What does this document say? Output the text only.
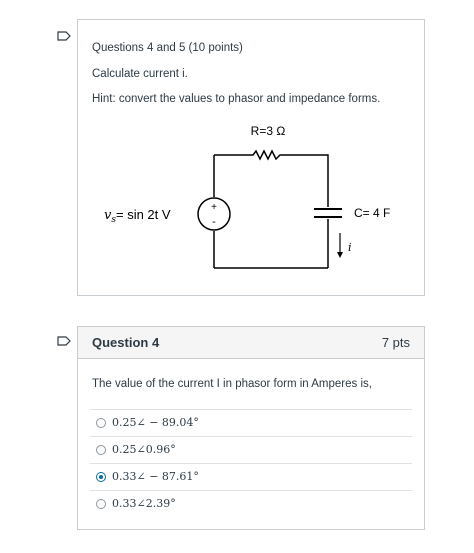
Questions 4 and 5 (10 points)
Calculate current i.
Hint: convert the values to phasor and impedance forms.
R=3 Ω
+
-
$v_s= \sin 2t$ V	C= 4 F
i
Question 4	7 pts
The value of the current I in phasor form in Amperes is,
0.25∠ − 89.04°
0.25∠0.96°
0.33∠ − 87.61°
0.33∠2.39°
